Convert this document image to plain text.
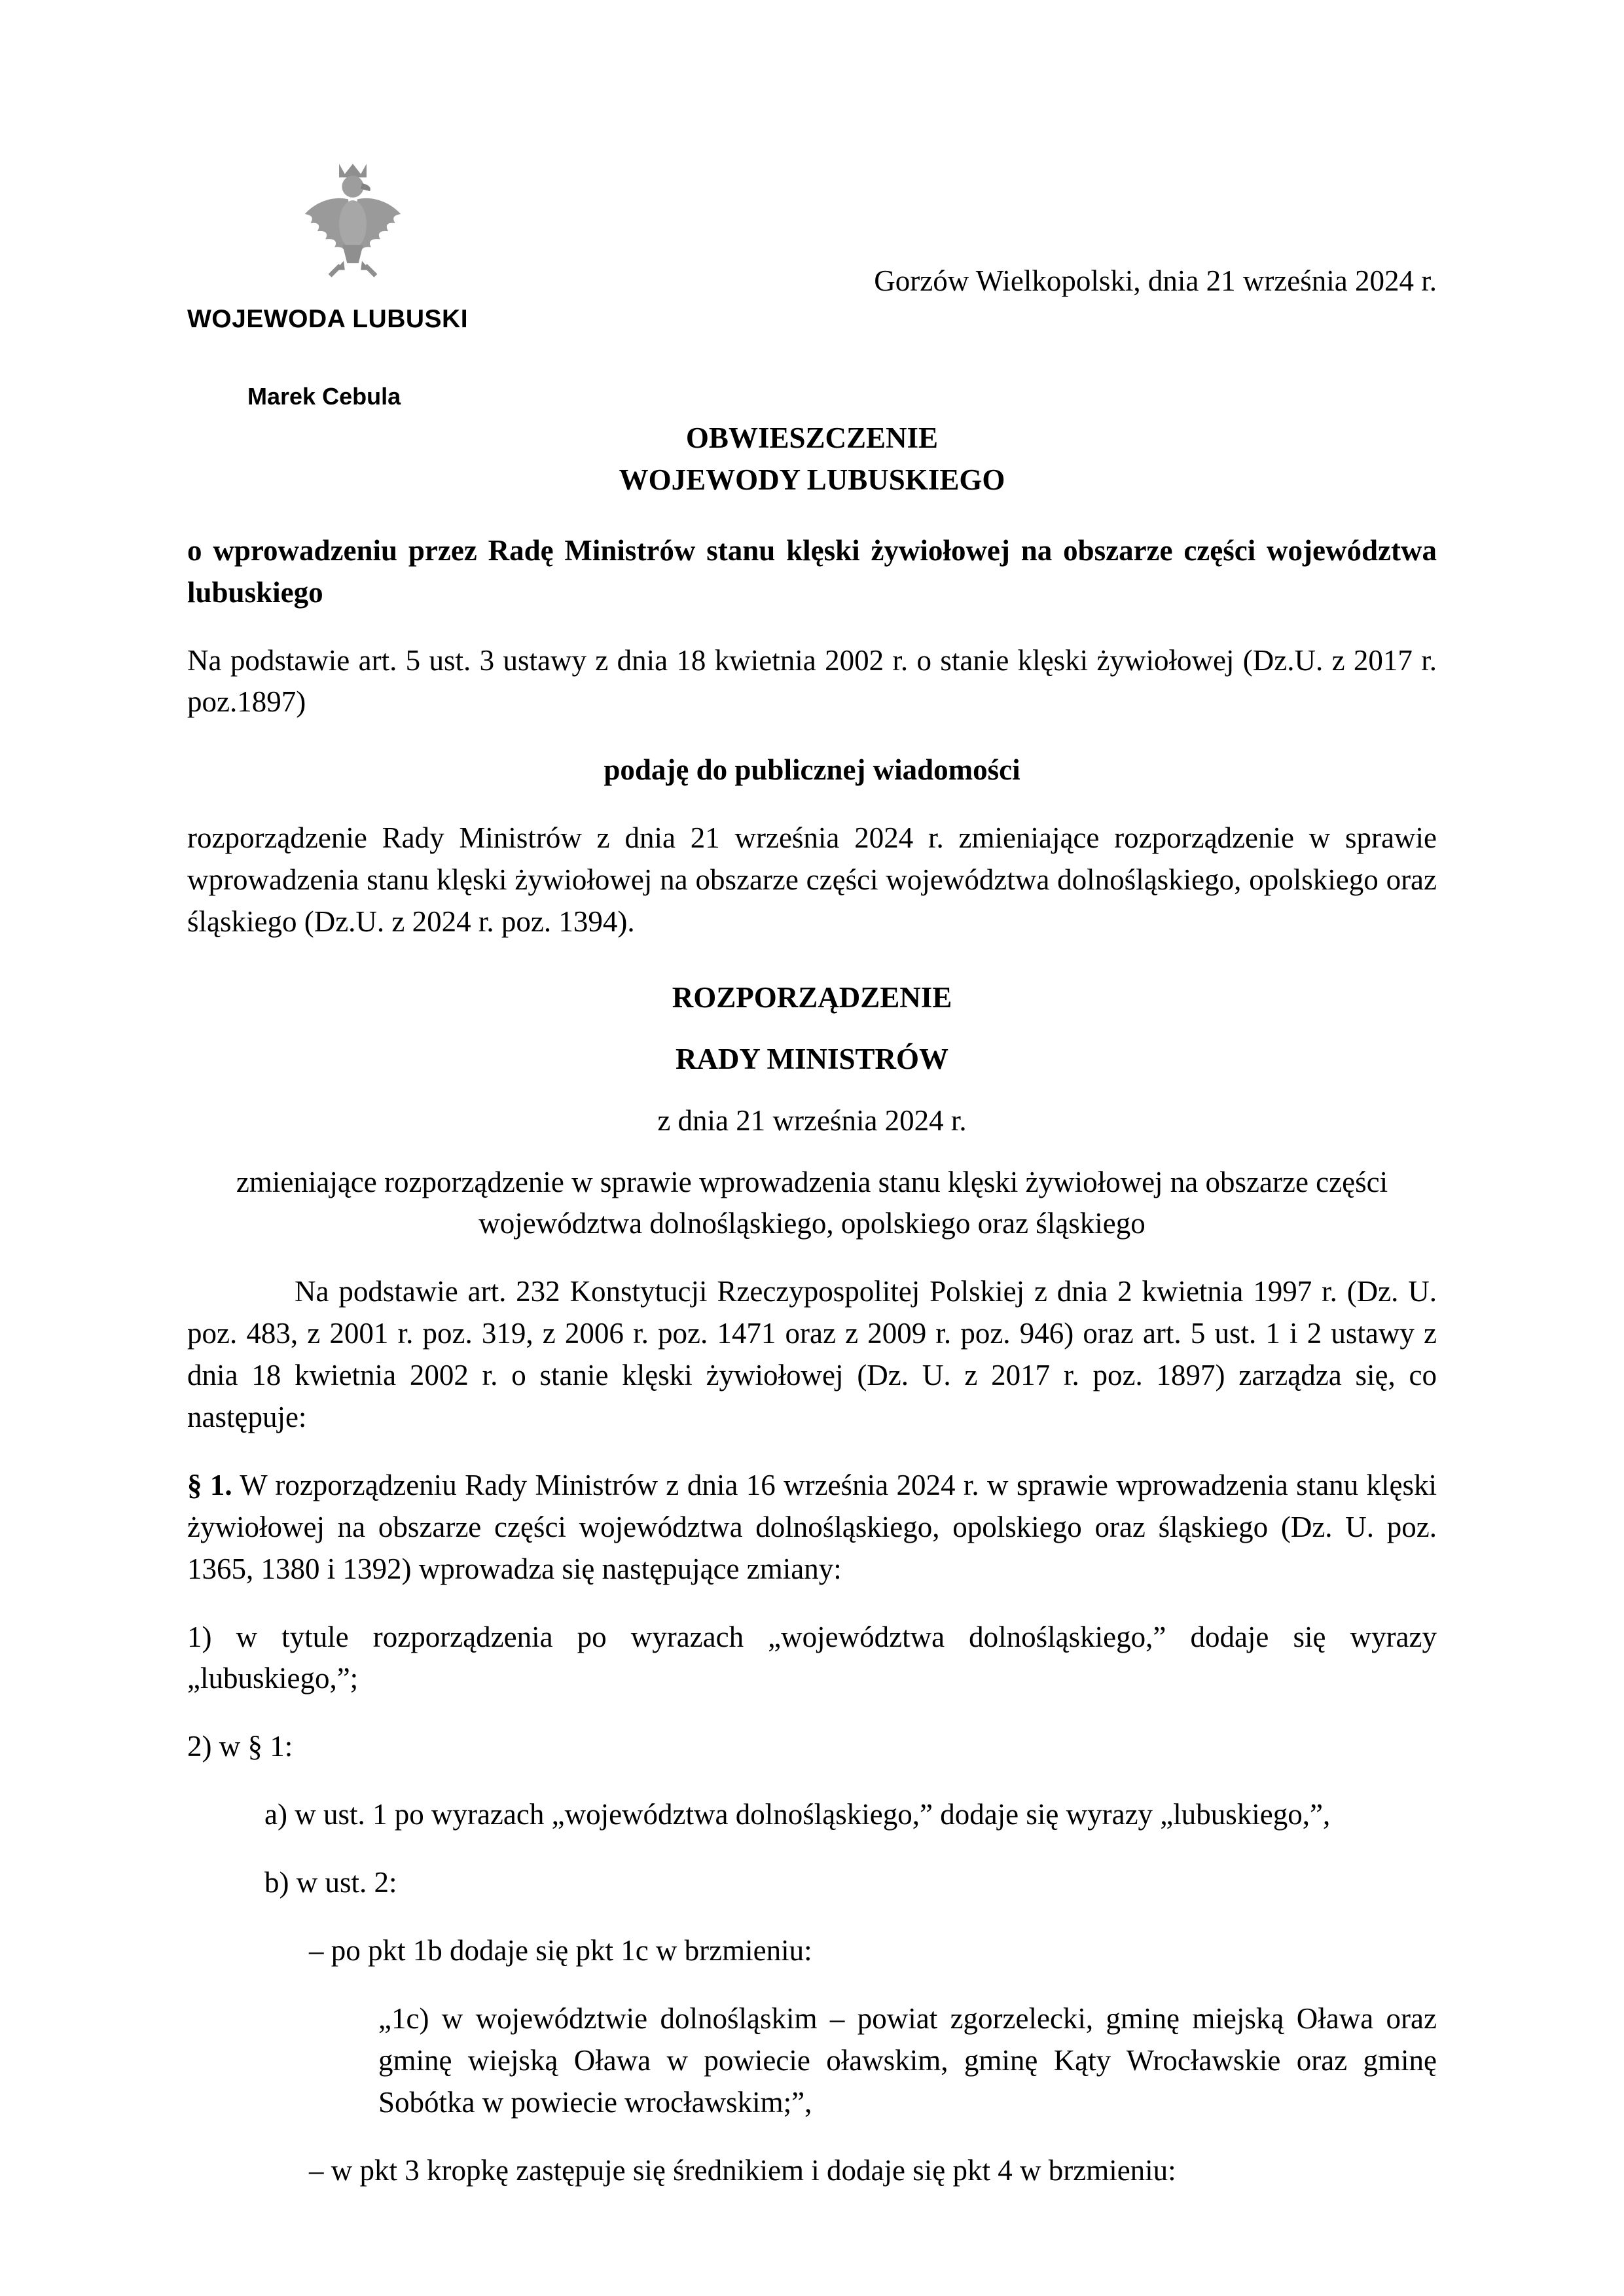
Gorzów Wielkopolski, dnia 21 września 2024 r.
WOJEWODA LUBUSKI
Marek Cebula
OBWIESZCZENIE
WOJEWODY LUBUSKIEGO

o wprowadzeniu przez Radę Ministrów stanu klęski żywiołowej na obszarze części województwa lubuskiego

Na podstawie art. 5 ust. 3 ustawy z dnia 18 kwietnia 2002 r. o stanie klęski żywiołowej (Dz.U. z 2017 r. poz.1897)

podaję do publicznej wiadomości

rozporządzenie Rady Ministrów z dnia 21 września 2024 r. zmieniające rozporządzenie w sprawie wprowadzenia stanu klęski żywiołowej na obszarze części województwa dolnośląskiego, opolskiego oraz śląskiego (Dz.U. z 2024 r. poz. 1394).

ROZPORZĄDZENIE

RADY MINISTRÓW

z dnia 21 września 2024 r.

zmieniające rozporządzenie w sprawie wprowadzenia stanu klęski żywiołowej na obszarze części województwa dolnośląskiego, opolskiego oraz śląskiego

Na podstawie art. 232 Konstytucji Rzeczypospolitej Polskiej z dnia 2 kwietnia 1997 r. (Dz. U. poz. 483, z 2001 r. poz. 319, z 2006 r. poz. 1471 oraz z 2009 r. poz. 946) oraz art. 5 ust. 1 i 2 ustawy z dnia 18 kwietnia 2002 r. o stanie klęski żywiołowej (Dz. U. z 2017 r. poz. 1897) zarządza się, co następuje:

§ 1. W rozporządzeniu Rady Ministrów z dnia 16 września 2024 r. w sprawie wprowadzenia stanu klęski żywiołowej na obszarze części województwa dolnośląskiego, opolskiego oraz śląskiego (Dz. U. poz. 1365, 1380 i 1392) wprowadza się następujące zmiany:

1) w tytule rozporządzenia po wyrazach „województwa dolnośląskiego,” dodaje się wyrazy „lubuskiego,”;

2) w § 1:

a) w ust. 1 po wyrazach „województwa dolnośląskiego,” dodaje się wyrazy „lubuskiego,”,

b) w ust. 2:

– po pkt 1b dodaje się pkt 1c w brzmieniu:

„1c) w województwie dolnośląskim – powiat zgorzelecki, gminę miejską Oława oraz gminę wiejską Oława w powiecie oławskim, gminę Kąty Wrocławskie oraz gminę Sobótka w powiecie wrocławskim;”,

– w pkt 3 kropkę zastępuje się średnikiem i dodaje się pkt 4 w brzmieniu:
